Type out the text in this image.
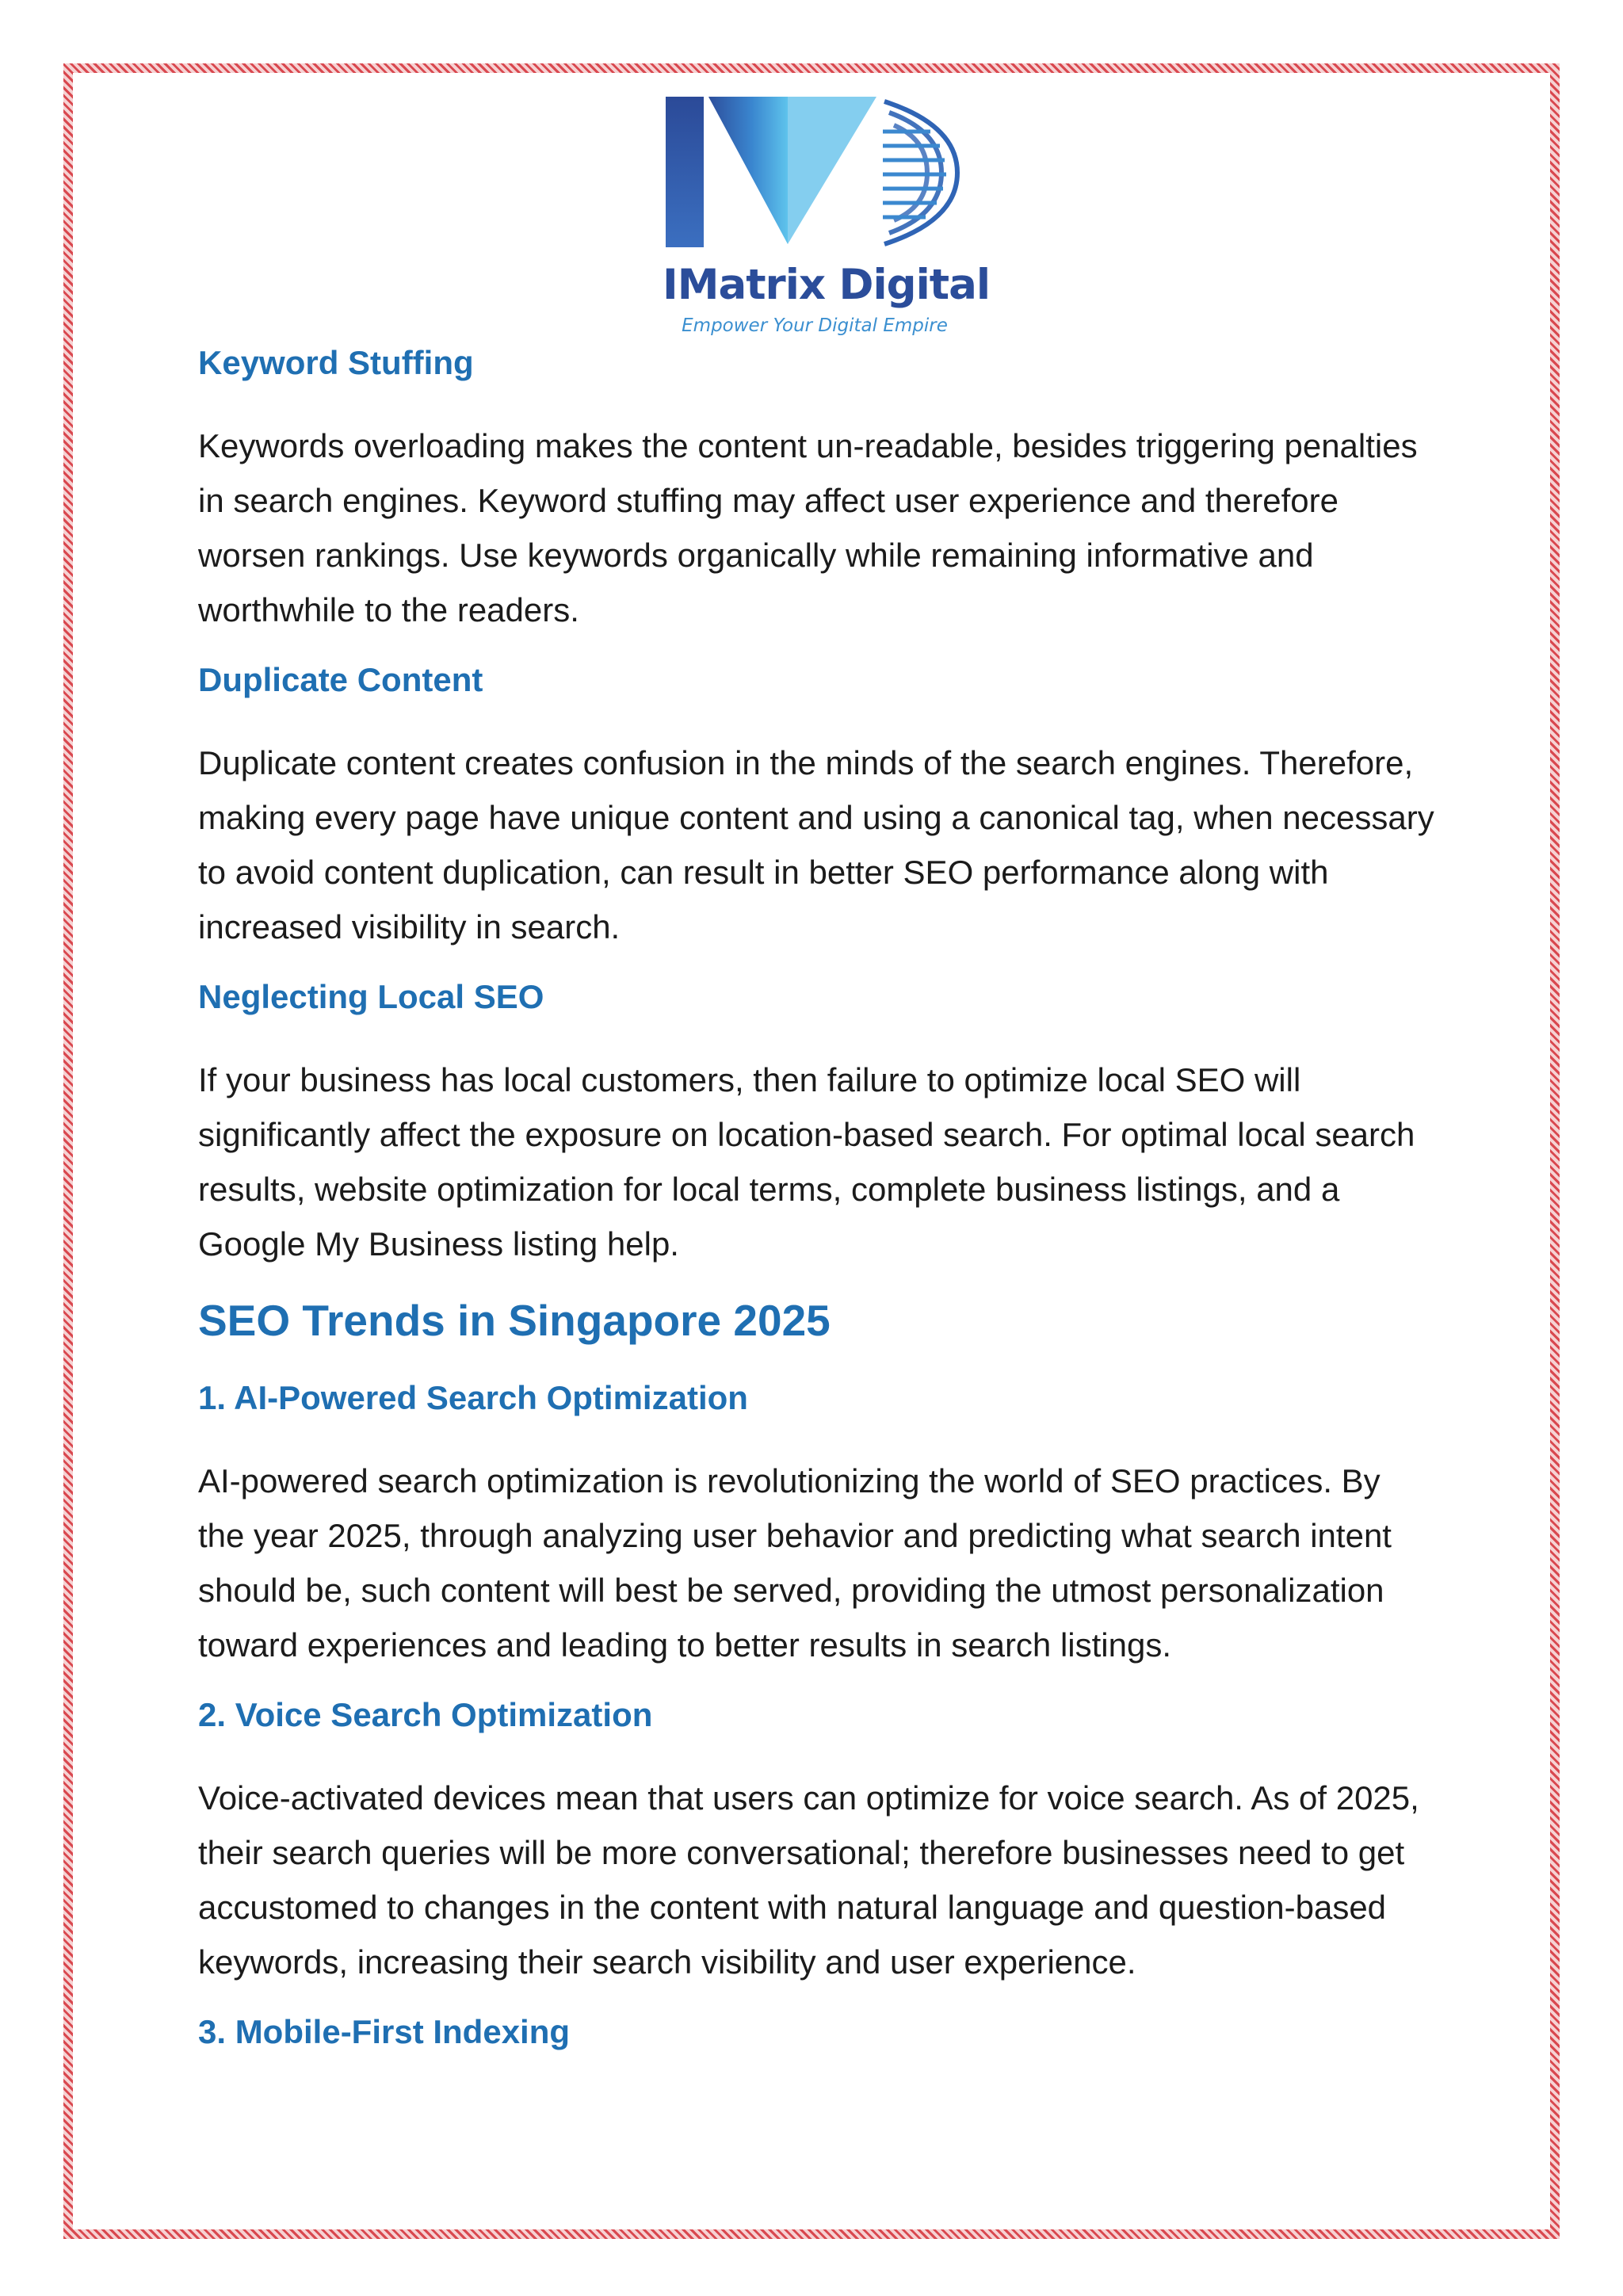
IMatrix Digital
Empower Your Digital Empire
Keyword Stuffing

Keywords overloading makes the content un-readable, besides triggering penalties in search engines. Keyword stuffing may affect user experience and therefore worsen rankings. Use keywords organically while remaining informative and worthwhile to the readers.

Duplicate Content

Duplicate content creates confusion in the minds of the search engines. Therefore, making every page have unique content and using a canonical tag, when necessary to avoid content duplication, can result in better SEO performance along with increased visibility in search.

Neglecting Local SEO

If your business has local customers, then failure to optimize local SEO will significantly affect the exposure on location-based search. For optimal local search results, website optimization for local terms, complete business listings, and a Google My Business listing help.

SEO Trends in Singapore 2025
1. AI-Powered Search Optimization

AI-powered search optimization is revolutionizing the world of SEO practices. By the year 2025, through analyzing user behavior and predicting what search intent should be, such content will best be served, providing the utmost personalization toward experiences and leading to better results in search listings.

2. Voice Search Optimization

Voice-activated devices mean that users can optimize for voice search. As of 2025, their search queries will be more conversational; therefore businesses need to get accustomed to changes in the content with natural language and question-based keywords, increasing their search visibility and user experience.

3. Mobile-First Indexing
